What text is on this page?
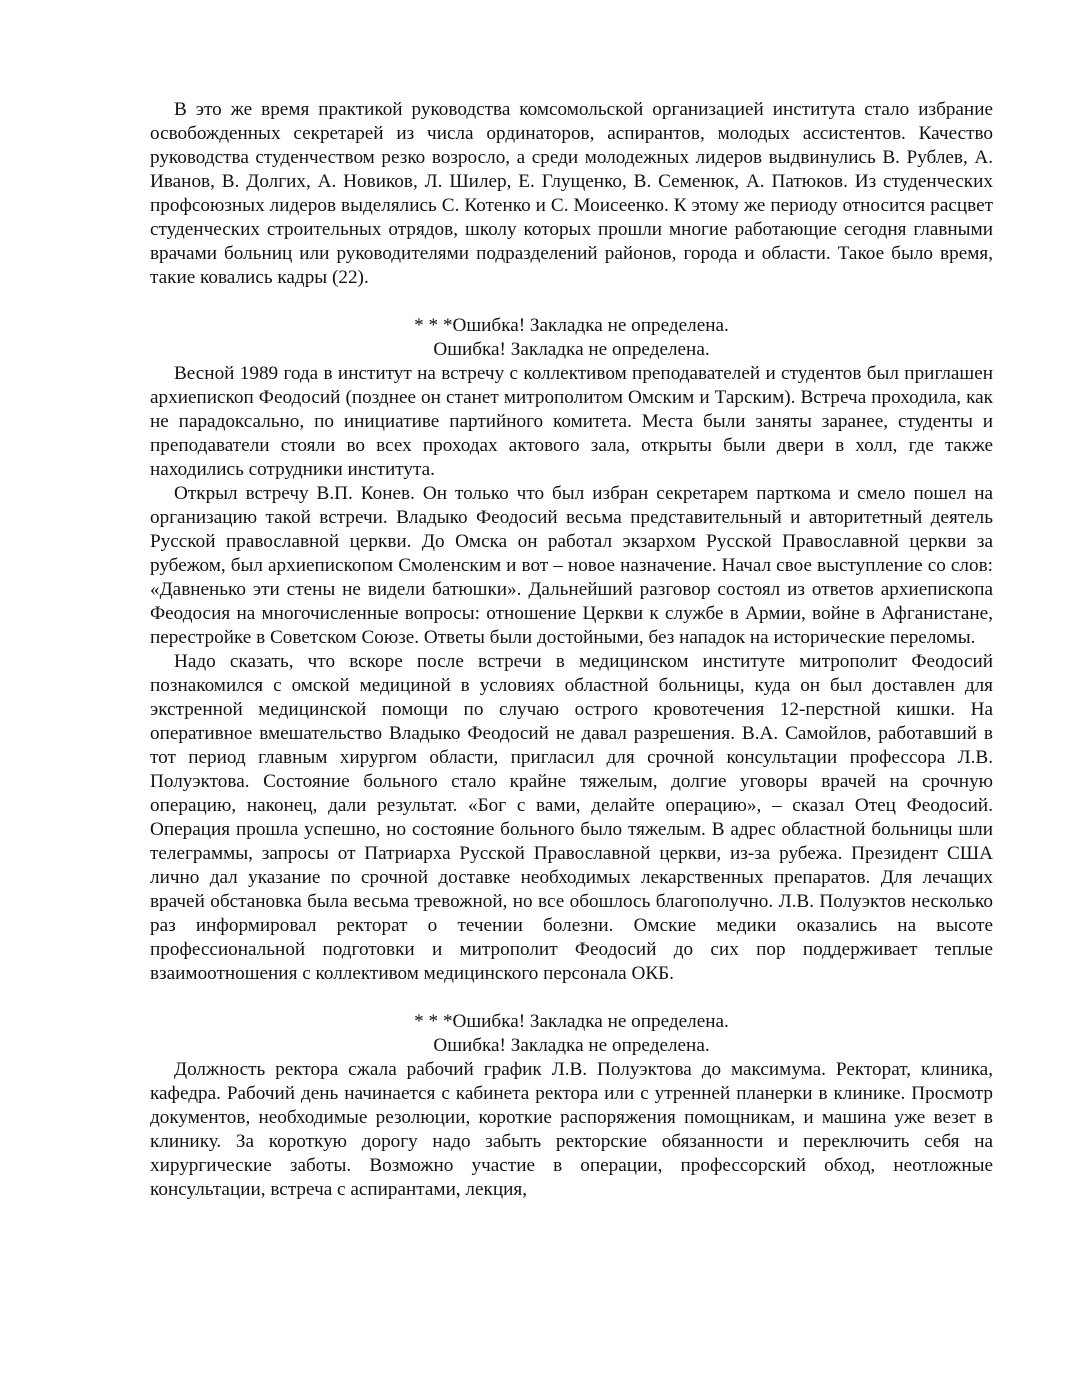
В это же время практикой руководства комсомольской организацией института стало избрание освобожденных секретарей из числа ординаторов, аспирантов, молодых ассистентов. Качество руководства студенчеством резко возросло, а среди молодежных лидеров выдвинулись В. Рублев, А. Иванов, В. Долгих, А. Новиков, Л. Шилер, Е. Глущенко, В. Семенюк, А. Патюков. Из студенческих профсоюзных лидеров выделялись С. Котенко и С. Моисеенко. К этому же периоду относится расцвет студенческих строительных отрядов, школу которых прошли многие работающие сегодня главными врачами больниц или руководителями подразделений районов, города и области. Такое было время, такие ковались кадры (22).

* * *Ошибка! Закладка не определена.

Ошибка! Закладка не определена.

Весной 1989 года в институт на встречу с коллективом преподавателей и студентов был приглашен архиепископ Феодосий (позднее он станет митрополитом Омским и Тарским). Встреча проходила, как не парадоксально, по инициативе партийного комитета. Места были заняты заранее, студенты и преподаватели стояли во всех проходах актового зала, открыты были двери в холл, где также находились сотрудники института.

Открыл встречу В.П. Конев. Он только что был избран секретарем парткома и смело пошел на организацию такой встречи. Владыко Феодосий весьма представительный и авторитетный деятель Русской православной церкви. До Омска он работал экзархом Русской Православной церкви за рубежом, был архиепископом Смоленским и вот – новое назначение. Начал свое выступление со слов: «Давненько эти стены не видели батюшки». Дальнейший разговор состоял из ответов архиепископа Феодосия на многочисленные вопросы: отношение Церкви к службе в Армии, войне в Афганистане, перестройке в Советском Союзе. Ответы были достойными, без нападок на исторические переломы.

Надо сказать, что вскоре после встречи в медицинском институте митрополит Феодосий познакомился с омской медициной в условиях областной больницы, куда он был доставлен для экстренной медицинской помощи по случаю острого кровотечения 12-перстной кишки. На оперативное вмешательство Владыко Феодосий не давал разрешения. В.А. Самойлов, работавший в тот период главным хирургом области, пригласил для срочной консультации профессора Л.В. Полуэктова. Состояние больного стало крайне тяжелым, долгие уговоры врачей на срочную операцию, наконец, дали результат. «Бог с вами, делайте операцию», – сказал Отец Феодосий. Операция прошла успешно, но состояние больного было тяжелым. В адрес областной больницы шли телеграммы, запросы от Патриарха Русской Православной церкви, из-за рубежа. Президент США лично дал указание по срочной доставке необходимых лекарственных препаратов. Для лечащих врачей обстановка была весьма тревожной, но все обошлось благополучно. Л.В. Полуэктов несколько раз информировал ректорат о течении болезни. Омские медики оказались на высоте профессиональной подготовки и митрополит Феодосий до сих пор поддерживает теплые взаимоотношения с коллективом медицинского персонала ОКБ.

* * *Ошибка! Закладка не определена.

Ошибка! Закладка не определена.

Должность ректора сжала рабочий график Л.В. Полуэктова до максимума. Ректорат, клиника, кафедра. Рабочий день начинается с кабинета ректора или с утренней планерки в клинике. Просмотр документов, необходимые резолюции, короткие распоряжения помощникам, и машина уже везет в клинику. За короткую дорогу надо забыть ректорские обязанности и переключить себя на хирургические заботы. Возможно участие в операции, профессорский обход, неотложные консультации, встреча с аспирантами, лекция,
